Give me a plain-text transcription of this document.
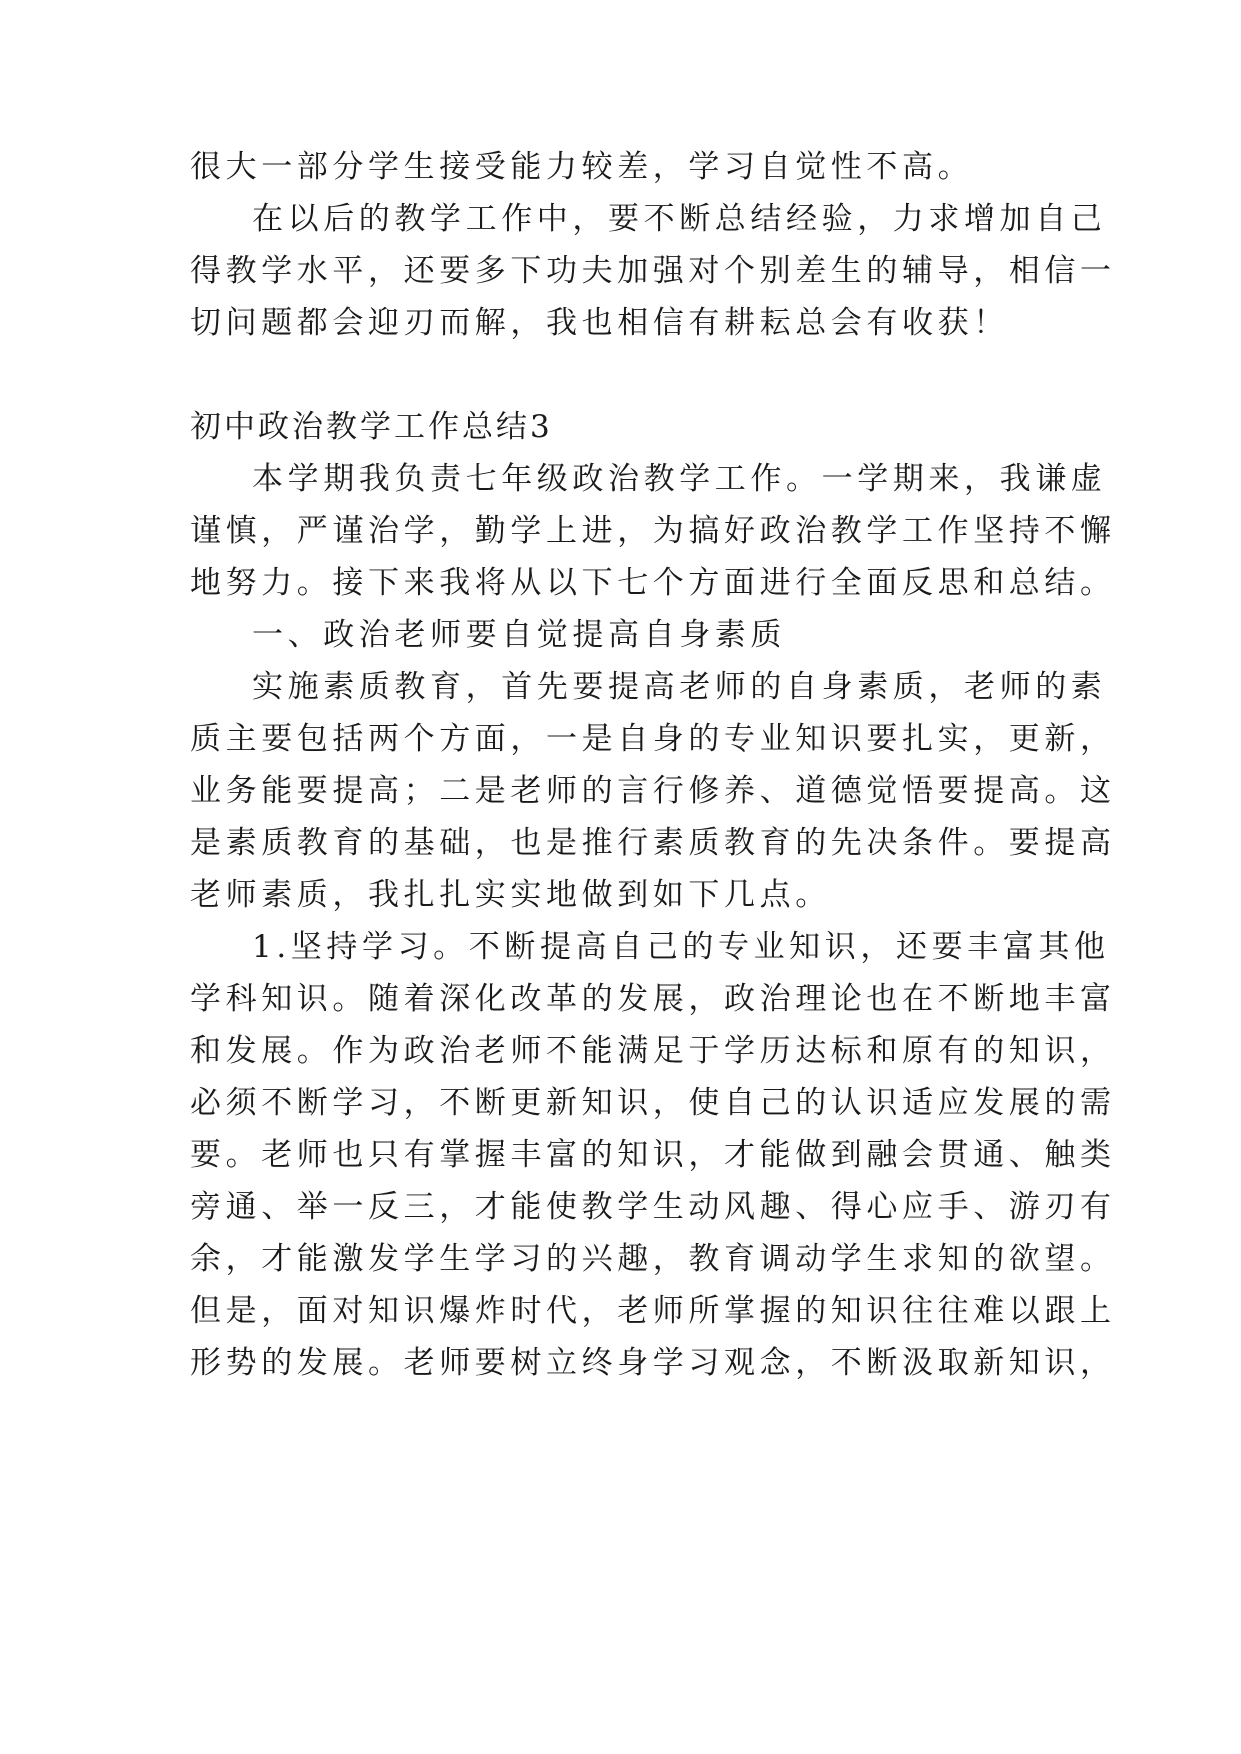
很大一部分学生接受能力较差，学习自觉性不高。
在以后的教学工作中，要不断总结经验，力求增加自己
得教学水平，还要多下功夫加强对个别差生的辅导，相信一
切问题都会迎刃而解，我也相信有耕耘总会有收获！
初中政治教学工作总结3
本学期我负责七年级政治教学工作。一学期来，我谦虚
谨慎，严谨治学，勤学上进，为搞好政治教学工作坚持不懈
地努力。接下来我将从以下七个方面进行全面反思和总结。
一、政治老师要自觉提高自身素质
实施素质教育，首先要提高老师的自身素质，老师的素
质主要包括两个方面，一是自身的专业知识要扎实，更新，
业务能要提高；二是老师的言行修养、道德觉悟要提高。这
是素质教育的基础，也是推行素质教育的先决条件。要提高
老师素质，我扎扎实实地做到如下几点。
1.坚持学习。不断提高自己的专业知识，还要丰富其他
学科知识。随着深化改革的发展，政治理论也在不断地丰富
和发展。作为政治老师不能满足于学历达标和原有的知识，
必须不断学习，不断更新知识，使自己的认识适应发展的需
要。老师也只有掌握丰富的知识，才能做到融会贯通、触类
旁通、举一反三，才能使教学生动风趣、得心应手、游刃有
余，才能激发学生学习的兴趣，教育调动学生求知的欲望。
但是，面对知识爆炸时代，老师所掌握的知识往往难以跟上
形势的发展。老师要树立终身学习观念，不断汲取新知识，
